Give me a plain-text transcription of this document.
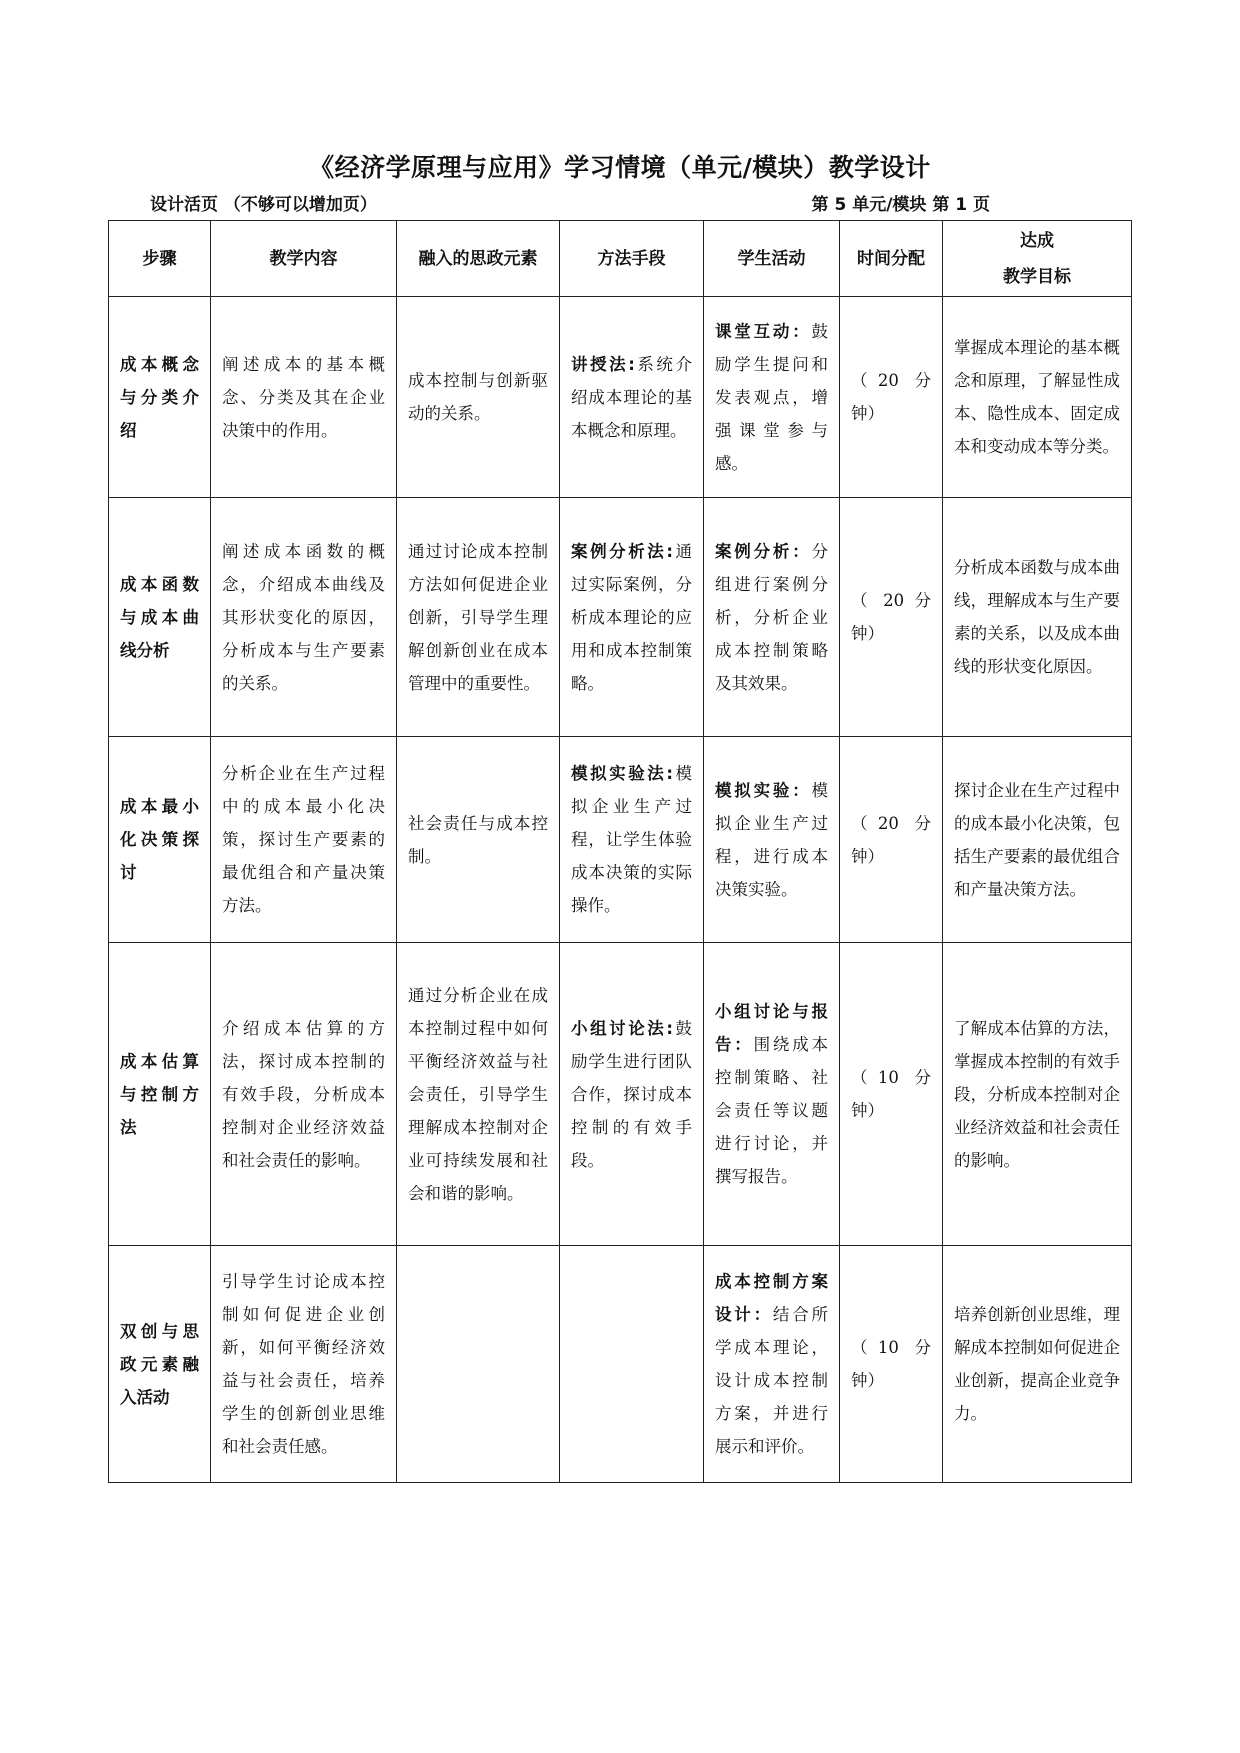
《经济学原理与应用》学习情境（单元/模块）教学设计
设计活页 （不够可以增加页）	第 5 单元/模块 第 1 页
步骤	教学内容	融入的思政元素	方法手段	学生活动	时间分配	达成
教学目标

成本概念与分类介绍	阐述成本的基本概念、分类及其在企业决策中的作用。	成本控制与创新驱动的关系。	讲授法:系统介绍成本理论的基本概念和原理。	课堂互动：鼓励学生提问和发表观点，增强课堂参与感。	（20 分钟）	掌握成本理论的基本概念和原理，了解显性成本、隐性成本、固定成本和变动成本等分类。
成本函数与成本曲线分析	阐述成本函数的概念，介绍成本曲线及其形状变化的原因，分析成本与生产要素的关系。	通过讨论成本控制方法如何促进企业创新，引导学生理解创新创业在成本管理中的重要性。	案例分析法:通过实际案例，分析成本理论的应用和成本控制策略。	案例分析：分组进行案例分析，分析企业成本控制策略及其效果。	（ 20 分钟）	分析成本函数与成本曲线，理解成本与生产要素的关系，以及成本曲线的形状变化原因。
成本最小化决策探讨	分析企业在生产过程中的成本最小化决策，探讨生产要素的最优组合和产量决策方法。	社会责任与成本控制。	模拟实验法:模拟企业生产过程，让学生体验成本决策的实际操作。	模拟实验：模拟企业生产过程，进行成本决策实验。	（20 分钟）	探讨企业在生产过程中的成本最小化决策，包括生产要素的最优组合和产量决策方法。
成本估算与控制方法	介绍成本估算的方法，探讨成本控制的有效手段，分析成本控制对企业经济效益和社会责任的影响。	通过分析企业在成本控制过程中如何平衡经济效益与社会责任，引导学生理解成本控制对企业可持续发展和社会和谐的影响。	小组讨论法:鼓励学生进行团队合作，探讨成本控制的有效手段。	小组讨论与报告：围绕成本控制策略、社会责任等议题进行讨论，并撰写报告。	（10 分钟）	了解成本估算的方法，掌握成本控制的有效手段，分析成本控制对企业经济效益和社会责任的影响。
双创与思政元素融入活动	引导学生讨论成本控制如何促进企业创新，如何平衡经济效益与社会责任，培养学生的创新创业思维和社会责任感。			成本控制方案设计：结合所学成本理论，设计成本控制方案，并进行展示和评价。	（10 分钟）	培养创新创业思维，理解成本控制如何促进企业创新，提高企业竞争力。
